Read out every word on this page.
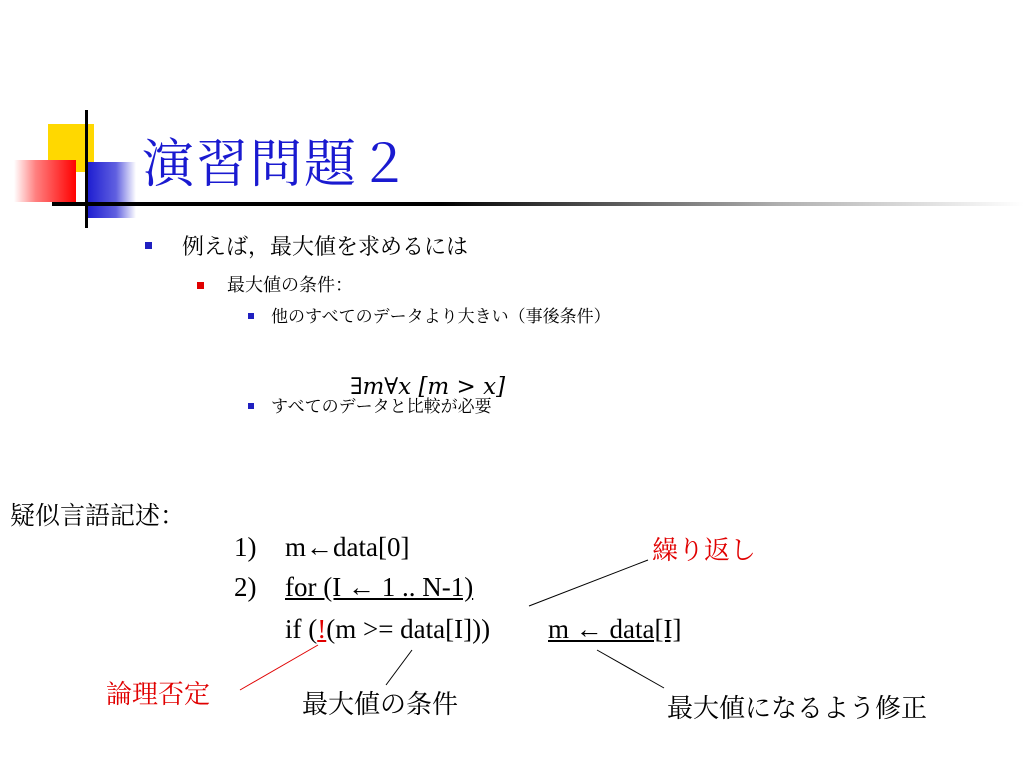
演習問題２
例えば，最大値を求めるには
最大値の条件：
他のすべてのデータより大きい（事後条件）
∃m∀x [m > x]
すべてのデータと比較が必要
疑似言語記述：
1) m←data[0]
2) for (I ← 1 .. N-1)
if (!(m >= data[I])) m ← data[I]
繰り返し
論理否定	最大値の条件	最大値になるよう修正
